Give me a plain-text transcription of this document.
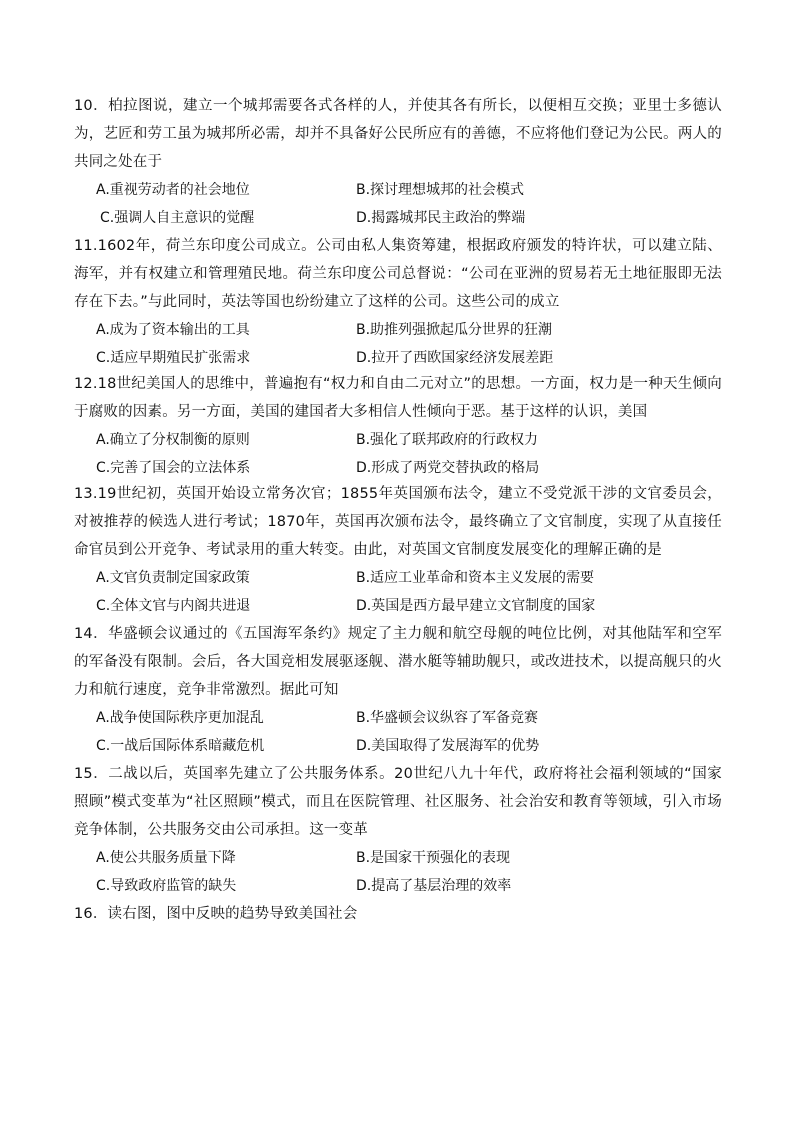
10．柏拉图说，建立一个城邦需要各式各样的人，并使其各有所长，以便相互交换；亚里士多德认为，艺匠和劳工虽为城邦所必需，却并不具备好公民所应有的善德，不应将他们登记为公民。两人的共同之处在于

A.重视劳动者的社会地位	B.探讨理想城邦的社会模式
C.强调人自主意识的觉醒	D.揭露城邦民主政治的弊端

11.1602年，荷兰东印度公司成立。公司由私人集资筹建，根据政府颁发的特许状，可以建立陆、海军，并有权建立和管理殖民地。荷兰东印度公司总督说：“公司在亚洲的贸易若无土地征服即无法存在下去。”与此同时，英法等国也纷纷建立了这样的公司。这些公司的成立

A.成为了资本输出的工具	B.助推列强掀起瓜分世界的狂潮
C.适应早期殖民扩张需求	D.拉开了西欧国家经济发展差距

12.18世纪美国人的思维中，普遍抱有“权力和自由二元对立”的思想。一方面，权力是一种天生倾向于腐败的因素。另一方面，美国的建国者大多相信人性倾向于恶。基于这样的认识，美国

A.确立了分权制衡的原则	B.强化了联邦政府的行政权力
C.完善了国会的立法体系	D.形成了两党交替执政的格局

13.19世纪初，英国开始设立常务次官；1855年英国颁布法令，建立不受党派干涉的文官委员会，对被推荐的候选人进行考试；1870年，英国再次颁布法令，最终确立了文官制度，实现了从直接任命官员到公开竞争、考试录用的重大转变。由此，对英国文官制度发展变化的理解正确的是

A.文官负责制定国家政策	B.适应工业革命和资本主义发展的需要
C.全体文官与内阁共进退	D.英国是西方最早建立文官制度的国家

14．华盛顿会议通过的《五国海军条约》规定了主力舰和航空母舰的吨位比例，对其他陆军和空军的军备没有限制。会后，各大国竞相发展驱逐舰、潜水艇等辅助舰只，或改进技术，以提高舰只的火力和航行速度，竞争非常激烈。据此可知

A.战争使国际秩序更加混乱	B.华盛顿会议纵容了军备竞赛
C.一战后国际体系暗藏危机	D.美国取得了发展海军的优势

15．二战以后，英国率先建立了公共服务体系。20世纪八九十年代，政府将社会福利领域的“国家照顾”模式变革为“社区照顾”模式，而且在医院管理、社区服务、社会治安和教育等领域，引入市场竞争体制，公共服务交由公司承担。这一变革

A.使公共服务质量下降	B.是国家干预强化的表现
C.导致政府监管的缺失	D.提高了基层治理的效率

16．读右图，图中反映的趋势导致美国社会
